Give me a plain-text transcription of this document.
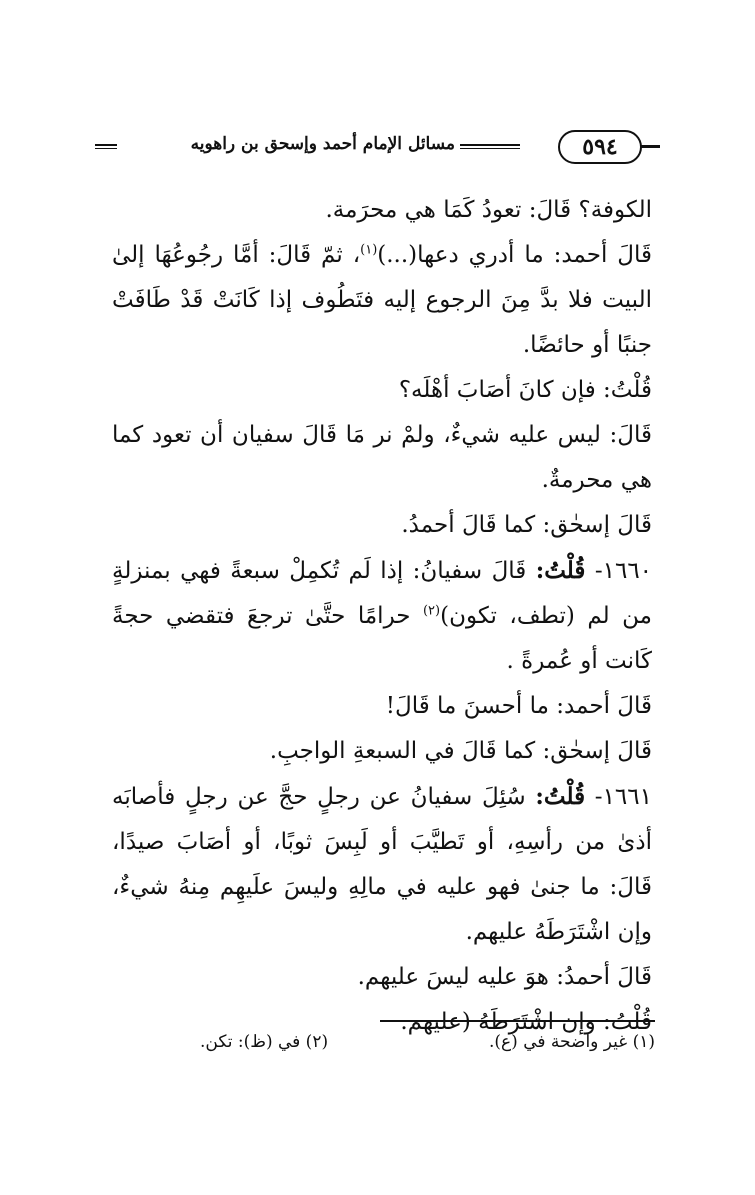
٥٩٤
مسائل الإمام أحمد وإسحق بن راهويه

الكوفة؟ قَالَ: تعودُ كَمَا هي محرَمة.

قَالَ أحمد: ما أدري دعها(...)$^{(١)}$، ثمّ قَالَ: أمَّا رجُوعُهَا إلىٰ البيت فلا بدَّ مِنَ الرجوع إليه فتَطُوف إذا كَانَتْ قَدْ طَافَتْ جنبًا أو حائضًا.

قُلْتُ: فإن كانَ أصَابَ أهْلَه؟

قَالَ: ليس عليه شيءٌ، ولمْ نر مَا قَالَ سفيان أن تعود كما هي محرمةٌ.

قَالَ إسحٰق: كما قَالَ أحمدُ.

١٦٦٠- قُلْتُ: قَالَ سفيانُ: إذا لَم تُكمِلْ سبعةً فهي بمنزلةٍ من لم (تطف، تكون)$^{(٢)}$ حرامًا حتَّىٰ ترجعَ فتقضي حجةً كَانت أو عُمرةً .

قَالَ أحمد: ما أحسنَ ما قَالَ!

قَالَ إسحٰق: كما قَالَ في السبعةِ الواجبِ.

١٦٦١- قُلْتُ: سُئِلَ سفيانُ عن رجلٍ حجَّ عن رجلٍ فأصابَه أذىٰ من رأسِهِ، أو تَطيَّبَ أو لَبِسَ ثوبًا، أو أصَابَ صيدًا، قَالَ: ما جنىٰ فهو عليه في مالِهِ وليسَ علَيهِم مِنهُ شيءٌ، وإن اشْتَرَطَهُ عليهم.

قَالَ أحمدُ: هوَ عليه ليسَ عليهم.

قُلْتُ: وإن اشْتَرَطَهُ (عليهم.

(١) غير واضحة في (ع).
(٢) في (ظ): تكن.
